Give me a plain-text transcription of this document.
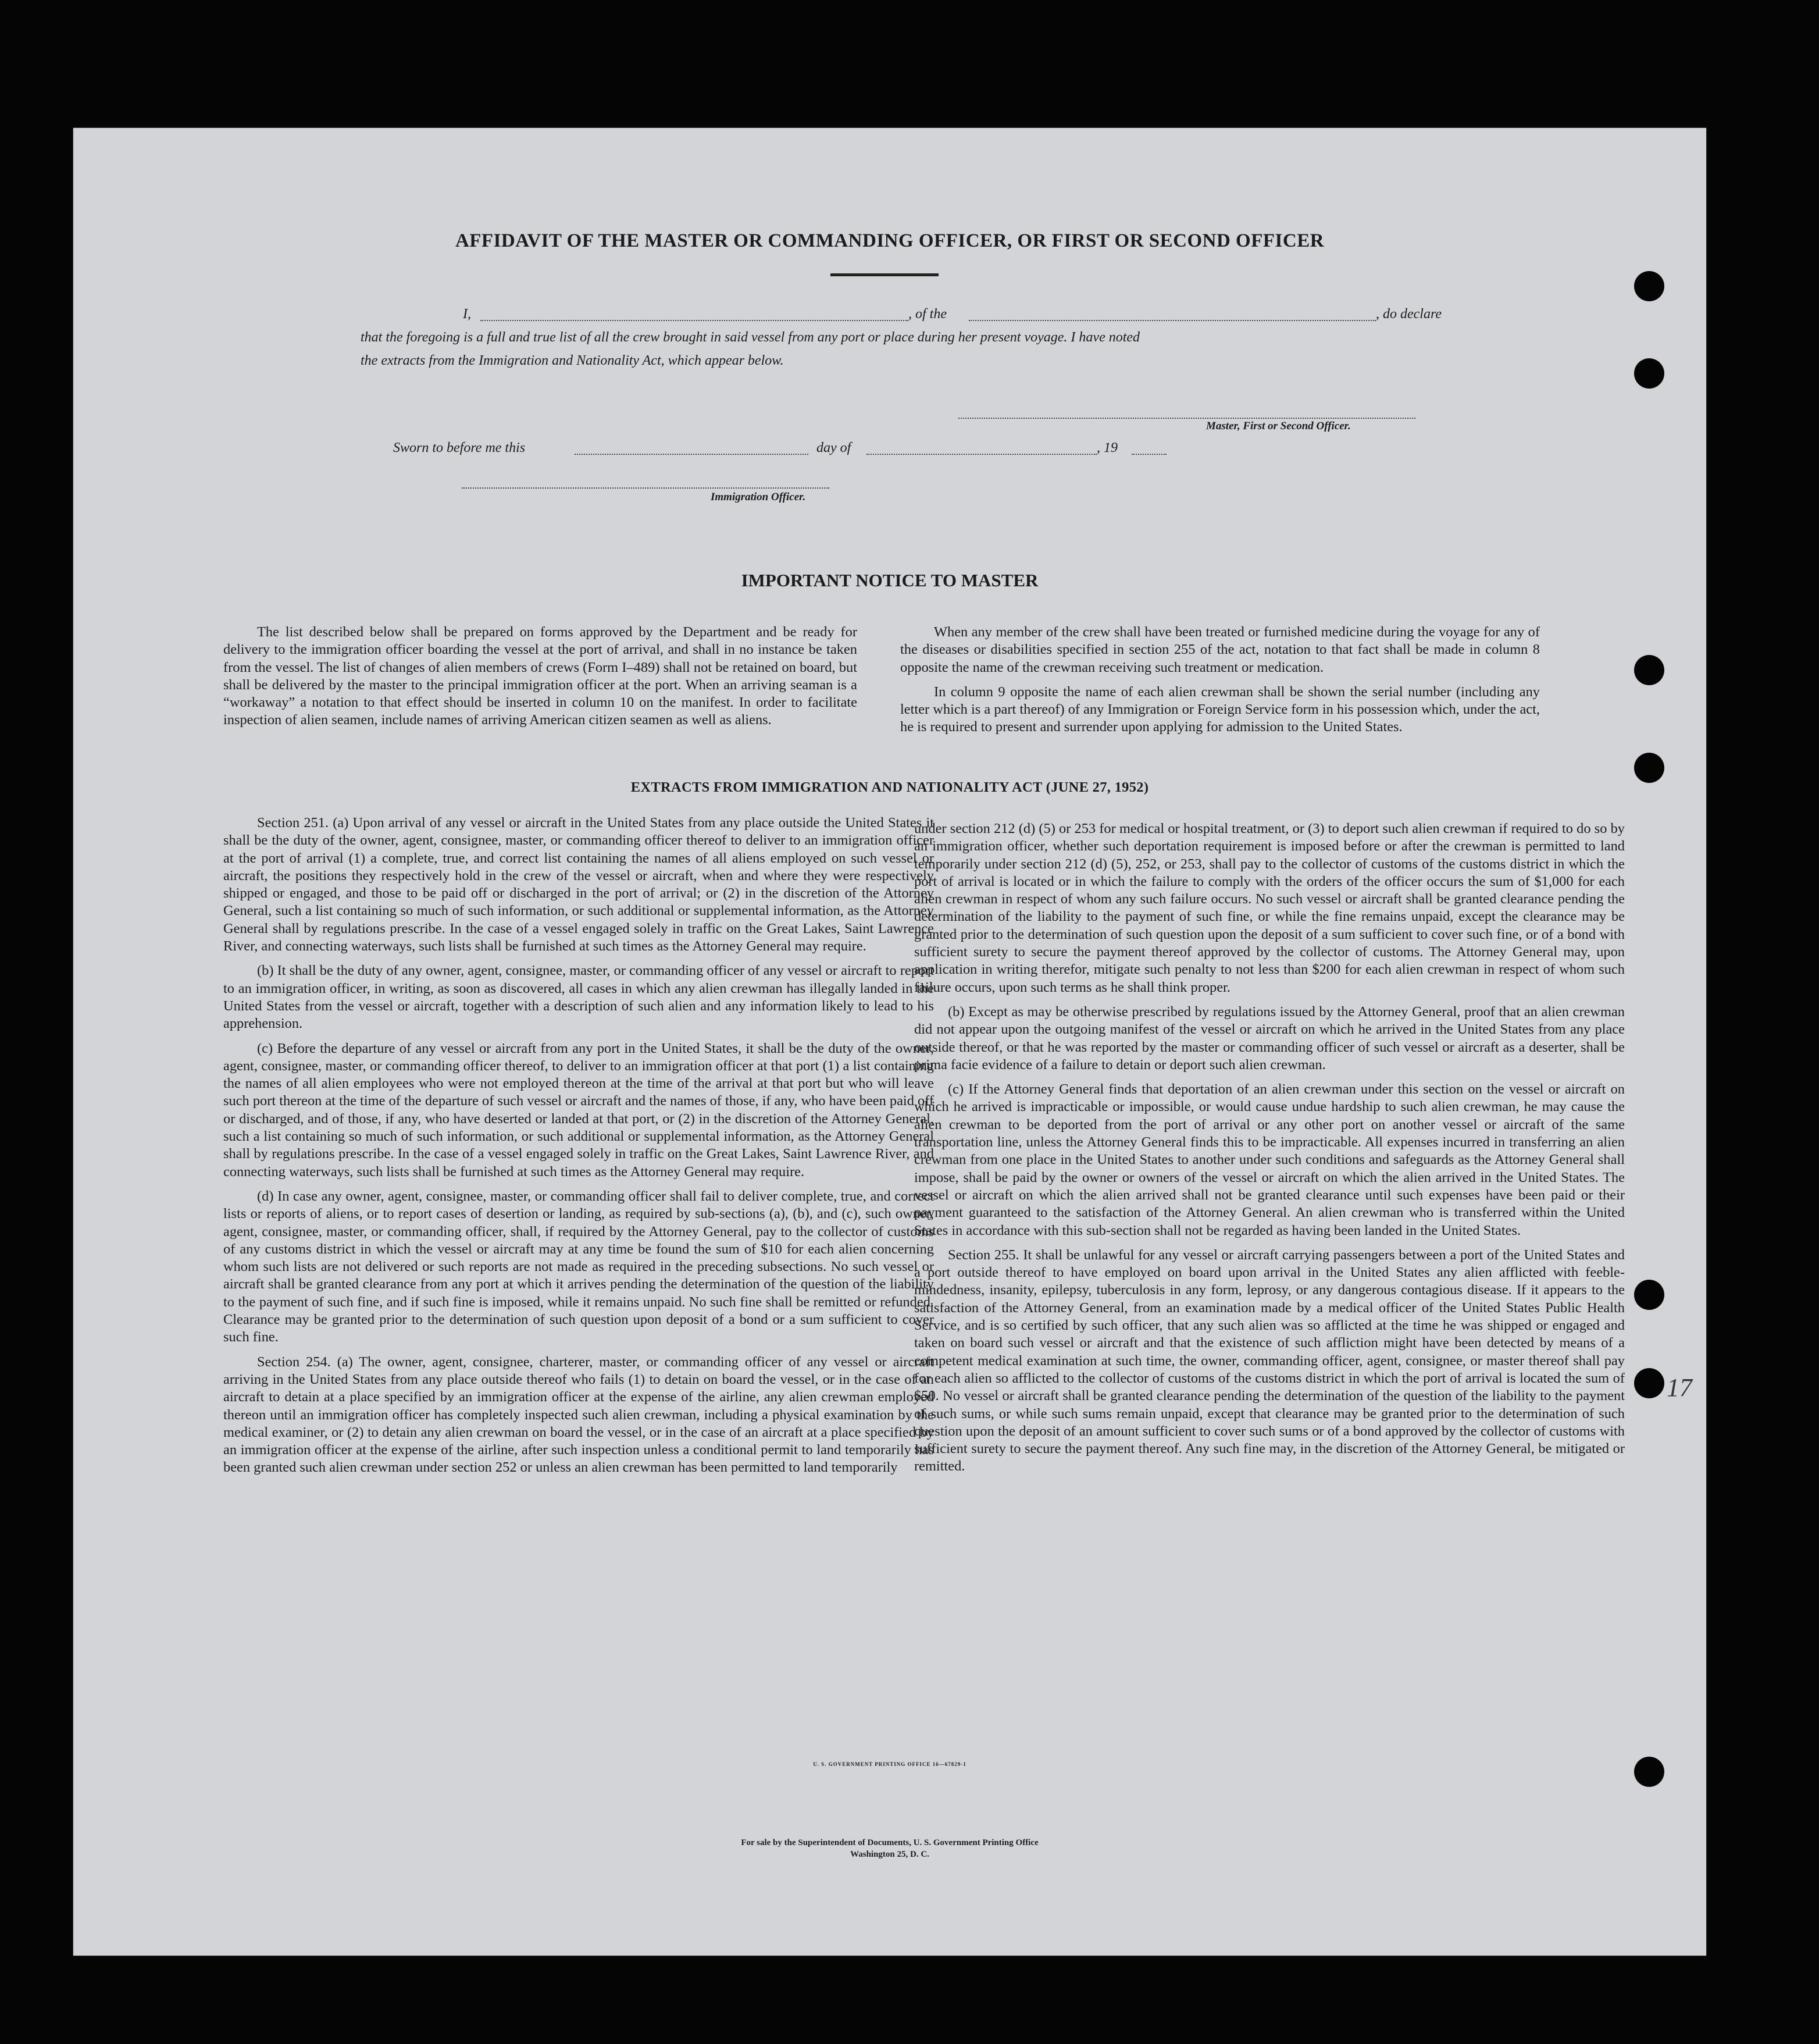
AFFIDAVIT OF THE MASTER OR COMMANDING OFFICER, OR FIRST OR SECOND OFFICER
I,	, of the	, do declare
that the foregoing is a full and true list of all the crew brought in said vessel from any port or place during her present voyage. I have noted
the extracts from the Immigration and Nationality Act, which appear below.
Master, First or Second Officer.
Sworn to before me this	day of	, 19
Immigration Officer.
IMPORTANT NOTICE TO MASTER

The list described below shall be prepared on forms approved by the Department and be ready for delivery to the immigration officer boarding the vessel at the port of arrival, and shall in no instance be taken from the vessel. The list of changes of alien members of crews (Form I–489) shall not be retained on board, but shall be delivered by the master to the principal immigration officer at the port. When an arriving seaman is a “workaway” a notation to that effect should be inserted in column 10 on the manifest. In order to facilitate inspection of alien seamen, include names of arriving American citizen seamen as well as aliens.

When any member of the crew shall have been treated or furnished medicine during the voyage for any of the diseases or disabilities specified in section 255 of the act, notation to that fact shall be made in column 8 opposite the name of the crewman receiving such treatment or medication.

In column 9 opposite the name of each alien crewman shall be shown the serial number (including any letter which is a part thereof) of any Immigration or Foreign Service form in his possession which, under the act, he is required to present and surrender upon applying for admission to the United States.

EXTRACTS FROM IMMIGRATION AND NATIONALITY ACT (JUNE 27, 1952)

Section 251. (a) Upon arrival of any vessel or aircraft in the United States from any place outside the United States it shall be the duty of the owner, agent, consignee, master, or commanding officer thereof to deliver to an immigration officer at the port of arrival (1) a complete, true, and correct list containing the names of all aliens employed on such vessel or aircraft, the positions they respectively hold in the crew of the vessel or aircraft, when and where they were respectively shipped or engaged, and those to be paid off or discharged in the port of arrival; or (2) in the discretion of the Attorney General, such a list containing so much of such information, or such additional or supplemental information, as the Attorney General shall by regulations prescribe. In the case of a vessel engaged solely in traffic on the Great Lakes, Saint Lawrence River, and connecting waterways, such lists shall be furnished at such times as the Attorney General may require.

(b) It shall be the duty of any owner, agent, consignee, master, or commanding officer of any vessel or aircraft to report to an immigration officer, in writing, as soon as discovered, all cases in which any alien crewman has illegally landed in the United States from the vessel or aircraft, together with a description of such alien and any information likely to lead to his apprehension.

(c) Before the departure of any vessel or aircraft from any port in the United States, it shall be the duty of the owner, agent, consignee, master, or commanding officer thereof, to deliver to an immigration officer at that port (1) a list containing the names of all alien employees who were not employed thereon at the time of the arrival at that port but who will leave such port thereon at the time of the departure of such vessel or aircraft and the names of those, if any, who have been paid off or discharged, and of those, if any, who have deserted or landed at that port, or (2) in the discretion of the Attorney General, such a list containing so much of such information, or such additional or supplemental information, as the Attorney General shall by regulations prescribe. In the case of a vessel engaged solely in traffic on the Great Lakes, Saint Lawrence River, and connecting waterways, such lists shall be furnished at such times as the Attorney General may require.

(d) In case any owner, agent, consignee, master, or commanding officer shall fail to deliver complete, true, and correct lists or reports of aliens, or to report cases of desertion or landing, as required by sub-sections (a), (b), and (c), such owner, agent, consignee, master, or commanding officer, shall, if required by the Attorney General, pay to the collector of customs of any customs district in which the vessel or aircraft may at any time be found the sum of $10 for each alien concerning whom such lists are not delivered or such reports are not made as required in the preceding subsections. No such vessel or aircraft shall be granted clearance from any port at which it arrives pending the determination of the question of the liability to the payment of such fine, and if such fine is imposed, while it remains unpaid. No such fine shall be remitted or refunded. Clearance may be granted prior to the determination of such question upon deposit of a bond or a sum sufficient to cover such fine.

Section 254. (a) The owner, agent, consignee, charterer, master, or commanding officer of any vessel or aircraft arriving in the United States from any place outside thereof who fails (1) to detain on board the vessel, or in the case of an aircraft to detain at a place specified by an immigration officer at the expense of the airline, any alien crewman employed thereon until an immigration officer has completely inspected such alien crewman, including a physical examination by the medical examiner, or (2) to detain any alien crewman on board the vessel, or in the case of an aircraft at a place specified by an immigration officer at the expense of the airline, after such inspection unless a conditional permit to land temporarily has been granted such alien crewman under section 252 or unless an alien crewman has been permitted to land temporarily

under section 212 (d) (5) or 253 for medical or hospital treatment, or (3) to deport such alien crewman if required to do so by an immigration officer, whether such deportation requirement is imposed before or after the crewman is permitted to land temporarily under section 212 (d) (5), 252, or 253, shall pay to the collector of customs of the customs district in which the port of arrival is located or in which the failure to comply with the orders of the officer occurs the sum of $1,000 for each alien crewman in respect of whom any such failure occurs. No such vessel or aircraft shall be granted clearance pending the determination of the liability to the payment of such fine, or while the fine remains unpaid, except the clearance may be granted prior to the determination of such question upon the deposit of a sum sufficient to cover such fine, or of a bond with sufficient surety to secure the payment thereof approved by the collector of customs. The Attorney General may, upon application in writing therefor, mitigate such penalty to not less than $200 for each alien crewman in respect of whom such failure occurs, upon such terms as he shall think proper.

(b) Except as may be otherwise prescribed by regulations issued by the Attorney General, proof that an alien crewman did not appear upon the outgoing manifest of the vessel or aircraft on which he arrived in the United States from any place outside thereof, or that he was reported by the master or commanding officer of such vessel or aircraft as a deserter, shall be prima facie evidence of a failure to detain or deport such alien crewman.

(c) If the Attorney General finds that deportation of an alien crewman under this section on the vessel or aircraft on which he arrived is impracticable or impossible, or would cause undue hardship to such alien crewman, he may cause the alien crewman to be deported from the port of arrival or any other port on another vessel or aircraft of the same transportation line, unless the Attorney General finds this to be impracticable. All expenses incurred in transferring an alien crewman from one place in the United States to another under such conditions and safeguards as the Attorney General shall impose, shall be paid by the owner or owners of the vessel or aircraft on which the alien arrived in the United States. The vessel or aircraft on which the alien arrived shall not be granted clearance until such expenses have been paid or their payment guaranteed to the satisfaction of the Attorney General. An alien crewman who is transferred within the United States in accordance with this sub-section shall not be regarded as having been landed in the United States.

Section 255. It shall be unlawful for any vessel or aircraft carrying passengers between a port of the United States and a port outside thereof to have employed on board upon arrival in the United States any alien afflicted with feeble-mindedness, insanity, epilepsy, tuberculosis in any form, leprosy, or any dangerous contagious disease. If it appears to the satisfaction of the Attorney General, from an examination made by a medical officer of the United States Public Health Service, and is so certified by such officer, that any such alien was so afflicted at the time he was shipped or engaged and taken on board such vessel or aircraft and that the existence of such affliction might have been detected by means of a competent medical examination at such time, the owner, commanding officer, agent, consignee, or master thereof shall pay for each alien so afflicted to the collector of customs of the customs district in which the port of arrival is located the sum of $50. No vessel or aircraft shall be granted clearance pending the determination of the question of the liability to the payment of such sums, or while such sums remain unpaid, except that clearance may be granted prior to the determination of such question upon the deposit of an amount sufficient to cover such sums or of a bond approved by the collector of customs with sufficient surety to secure the payment thereof. Any such fine may, in the discretion of the Attorney General, be mitigated or remitted.

U. S. GOVERNMENT PRINTING OFFICE 16—67829-1
For sale by the Superintendent of Documents, U. S. Government Printing Office
Washington 25, D. C.
17
